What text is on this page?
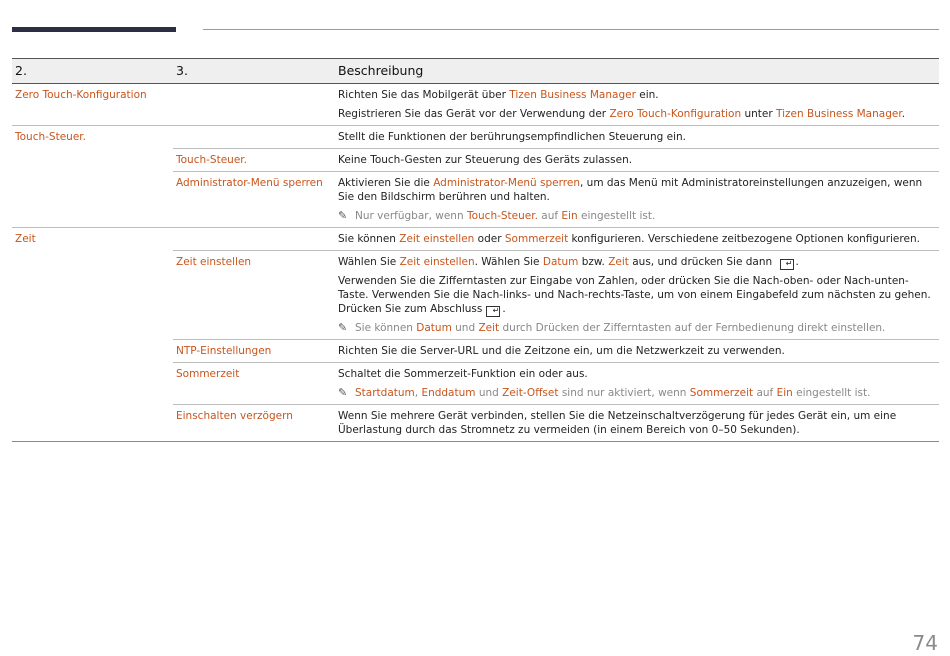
2.	3.	Beschreibung
Zero Touch-Konfiguration		Richten Sie das Mobilgerät über Tizen Business Manager ein.

Registrieren Sie das Gerät vor der Verwendung der Zero Touch-Konfiguration unter Tizen Business Manager.

Touch-Steuer.		Stellt die Funktionen der berührungsempfindlichen Steuerung ein.
	Touch-Steuer.	Keine Touch-Gesten zur Steuerung des Geräts zulassen.
	Administrator-Menü sperren	Aktivieren Sie die Administrator-Menü sperren, um das Menü mit Administratoreinstellungen anzuzeigen, wenn Sie den Bildschirm berühren und halten.

✎ Nur verfügbar, wenn Touch-Steuer. auf Ein eingestellt ist.

Zeit		Sie können Zeit einstellen oder Sommerzeit konfigurieren. Verschiedene zeitbezogene Optionen konfigurieren.
	Zeit einstellen	Wählen Sie Zeit einstellen. Wählen Sie Datum bzw. Zeit aus, und drücken Sie dann ↵ .

Verwenden Sie die Zifferntasten zur Eingabe von Zahlen, oder drücken Sie die Nach-oben- oder Nach-unten-Taste. Verwenden Sie die Nach-links- und Nach-rechts-Taste, um von einem Eingabefeld zum nächsten zu gehen. Drücken Sie zum Abschluss ↵ .

✎ Sie können Datum und Zeit durch Drücken der Zifferntasten auf der Fernbedienung direkt einstellen.

	NTP-Einstellungen	Richten Sie die Server-URL und die Zeitzone ein, um die Netzwerkzeit zu verwenden.
	Sommerzeit	Schaltet die Sommerzeit-Funktion ein oder aus.

✎ Startdatum, Enddatum und Zeit-Offset sind nur aktiviert, wenn Sommerzeit auf Ein eingestellt ist.

	Einschalten verzögern	Wenn Sie mehrere Gerät verbinden, stellen Sie die Netzeinschaltverzögerung für jedes Gerät ein, um eine Überlastung durch das Stromnetz zu vermeiden (in einem Bereich von 0–50 Sekunden).
74
